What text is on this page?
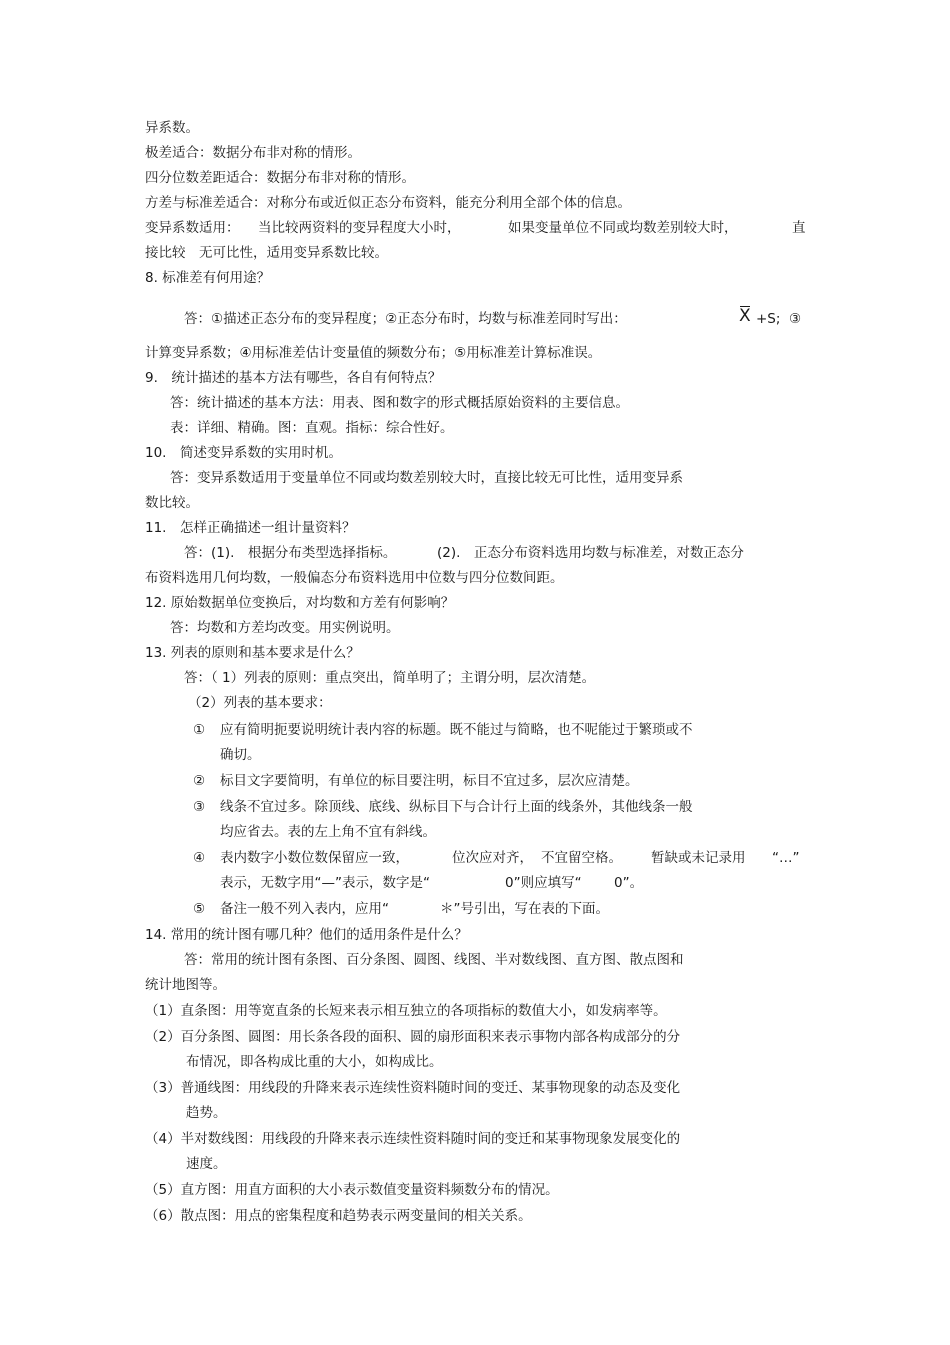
异系数。
极差适合：数据分布非对称的情形。
四分位数差距适合：数据分布非对称的情形。
方差与标准差适合：对称分布或近似正态分布资料，能充分利用全部个体的信息。
变异系数适用： 当比较两资料的变异程度大小时，	如果变量单位不同或均数差别较大时，	直
接比较　无可比性，适用变异系数比较。
8. 标准差有何用途？
答：①描述正态分布的变异程度；②正态分布时，均数与标准差同时写出：	X +S; ③
计算变异系数；④用标准差估计变量值的频数分布；⑤用标准差计算标准误。
9.　统计描述的基本方法有哪些，各自有何特点？
答：统计描述的基本方法：用表、图和数字的形式概括原始资料的主要信息。
表：详细、精确。图：直观。指标：综合性好。
10.　简述变异系数的实用时机。
答：变异系数适用于变量单位不同或均数差别较大时，直接比较无可比性，适用变异系
数比较。
11.　怎样正确描述一组计量资料？
答：(1).　根据分布类型选择指标。	(2).　正态分布资料选用均数与标准差，对数正态分
布资料选用几何均数，一般偏态分布资料选用中位数与四分位数间距。
12. 原始数据单位变换后，对均数和方差有何影响？
答：均数和方差均改变。用实例说明。
13. 列表的原则和基本要求是什么？
答：（ 1）列表的原则：重点突出，简单明了；主谓分明，层次清楚。
（2）列表的基本要求：
① 应有简明扼要说明统计表内容的标题。既不能过与简略，也不呢能过于繁琐或不
确切。
② 标目文字要简明，有单位的标目要注明，标目不宜过多，层次应清楚。
③ 线条不宜过多。除顶线、底线、纵标目下与合计行上面的线条外，其他线条一般
均应省去。表的左上角不宜有斜线。
④ 表内数字小数位数保留应一致，	位次应对齐， 不宜留空格。 暂缺或未记录用 “…”
表示，无数字用“—”表示，数字是“	0”则应填写“ 0”。
⑤ 备注一般不列入表内，应用“	＊”号引出，写在表的下面。
14. 常用的统计图有哪几种？他们的适用条件是什么？
答：常用的统计图有条图、百分条图、圆图、线图、半对数线图、直方图、散点图和
统计地图等。
（1）直条图：用等宽直条的长短来表示相互独立的各项指标的数值大小，如发病率等。
（2）百分条图、圆图：用长条各段的面积、圆的扇形面积来表示事物内部各构成部分的分
布情况，即各构成比重的大小，如构成比。
（3）普通线图：用线段的升降来表示连续性资料随时间的变迁、某事物现象的动态及变化
趋势。
（4）半对数线图：用线段的升降来表示连续性资料随时间的变迁和某事物现象发展变化的
速度。
（5）直方图：用直方面积的大小表示数值变量资料频数分布的情况。
（6）散点图：用点的密集程度和趋势表示两变量间的相关关系。
